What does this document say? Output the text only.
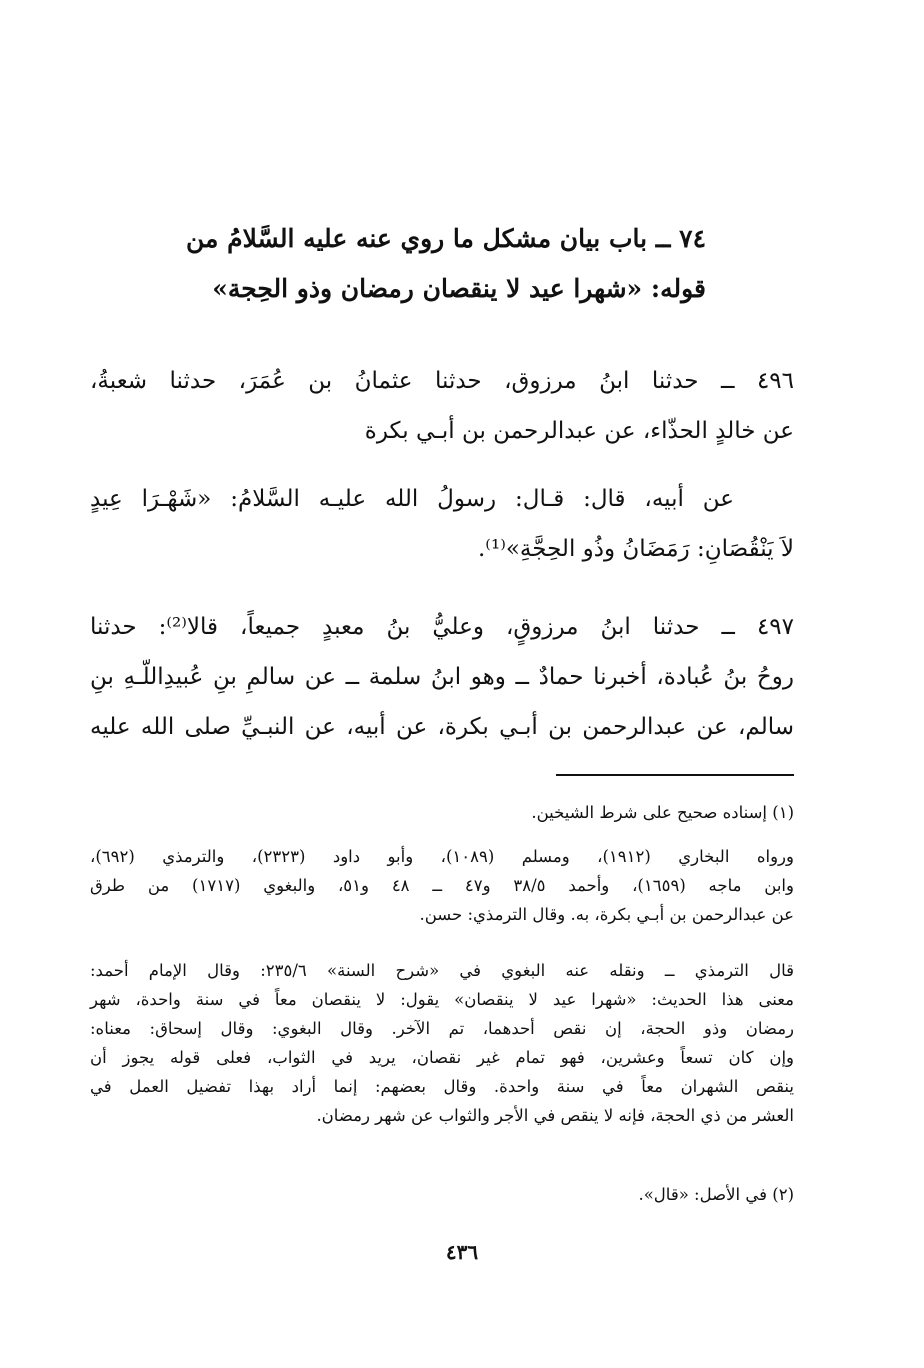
٧٤ ــ باب بيان مشكل ما روي عنه عليه السَّلامُ من
قوله: «شهرا عيد لا ينقصان رمضان وذو الحِجة»
٤٩٦ ــ حدثنا ابنُ مرزوق، حدثنا عثمانُ بن عُمَرَ، حدثنا شعبةُ،
عن خالدٍ الحذّاء، عن عبدالرحمن بن أبـي بكرة
عن أبيه، قال: قـال: رسولُ الله عليـه السَّلامُ: «شَهْـرَا عِيدٍ
لاَ يَنْقُصَانِ: رَمَضَانُ وذُو الحِجَّةِ»⁽¹⁾.
٤٩٧ ــ حدثنا ابنُ مرزوقٍ، وعليُّ بنُ معبدٍ جميعاً، قالا⁽²⁾: حدثنا
روحُ بنُ عُبادة، أخبرنا حمادٌ ــ وهو ابنُ سلمة ــ عن سالمِ بنِ عُبيدِاللّـهِ بنِ
سالم، عن عبدالرحمن بن أبـي بكرة، عن أبيه، عن النبـيِّ صلى الله عليه
(١) إسناده صحيح على شرط الشيخين.
ورواه البخاري (١٩١٢)، ومسلم (١٠٨٩)، وأبو داود (٢٣٢٣)، والترمذي (٦٩٢)،
وابن ماجه (١٦٥٩)، وأحمد ٣٨/٥ و٤٧ ــ ٤٨ و٥١، والبغوي (١٧١٧) من طرق
عن عبدالرحمن بن أبـي بكرة، به. وقال الترمذي: حسن.
قال الترمذي ــ ونقله عنه البغوي في «شرح السنة» ٢٣٥/٦: وقال الإمام أحمد:
معنى هذا الحديث: «شهرا عيد لا ينقصان» يقول: لا ينقصان معاً في سنة واحدة، شهر
رمضان وذو الحجة، إن نقص أحدهما، تم الآخر. وقال البغوي: وقال إسحاق: معناه:
وإن كان تسعاً وعشرين، فهو تمام غير نقصان، يريد في الثواب، فعلى قوله يجوز أن
ينقص الشهران معاً في سنة واحدة. وقال بعضهم: إنما أراد بهذا تفضيل العمل في
العشر من ذي الحجة، فإنه لا ينقص في الأجر والثواب عن شهر رمضان.
(٢) في الأصل: «قال».
٤٣٦
